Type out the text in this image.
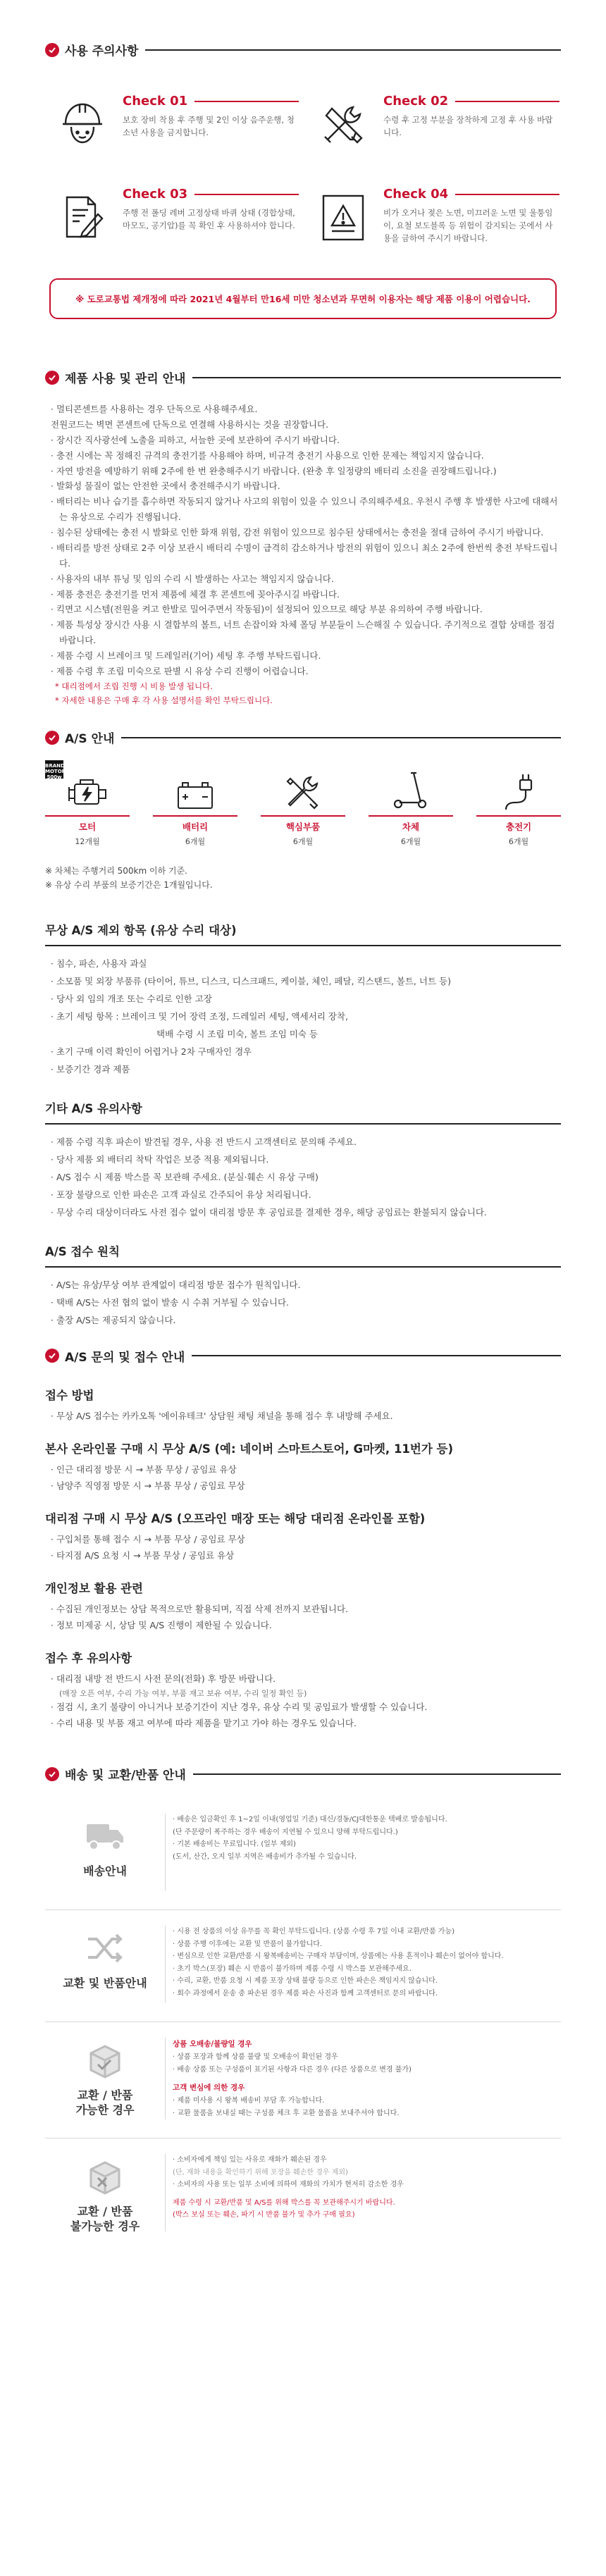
사용 주의사항
Check 01
보호 장비 착용 후 주행 및 2인 이상 음주운행, 청소년 사용을 금지합니다.
Check 02
수령 후 고정 부분을 장착하게 고정 후 사용 바랍니다.
Check 03
주행 전 폴딩 레버 고정상태 바퀴 상태 (경합상태, 마모도, 공기압)를 꼭 확인 후 사용하셔야 합니다.
Check 04
비가 오거나 젖은 노면, 미끄러운 노면 및 울퉁임이, 요철 보도블록 등 위험이 감지되는 곳에서 사용을 금하여 주시기 바랍니다.
※ 도로교통법 제개정에 따라 2021년 4월부터 만16세 미만 청소년과 무면허 이용자는 해당 제품 이용이 어렵습니다.
제품 사용 및 관리 안내
· 멀티콘센트를 사용하는 경우 단독으로 사용해주세요.
전원코드는 벽면 콘센트에 단독으로 연결해 사용하시는 것을 권장합니다.
· 장시간 직사광선에 노출을 피하고, 서늘한 곳에 보관하여 주시기 바랍니다.
· 충전 시에는 꼭 정해진 규격의 충전기를 사용해야 하며, 비규격 충전기 사용으로 인한 문제는 책임지지 않습니다.
· 자연 방전을 예방하기 위해 2주에 한 번 완충해주시기 바랍니다. (완충 후 일정량의 배터리 소진을 권장해드립니다.)
· 발화성 물질이 없는 안전한 곳에서 충전해주시기 바랍니다.
· 배터리는 비나 습기를 흡수하면 작동되지 않거나 사고의 위험이 있을 수 있으니 주의해주세요. 우천시 주행 후 발생한 사고에 대해서는 유상으로 수리가 진행됩니다.
· 침수된 상태에는 충전 시 발화로 인한 화재 위험, 감전 위험이 있으므로 침수된 상태에서는 충전을 절대 금하여 주시기 바랍니다.
· 배터리를 방전 상태로 2주 이상 보관시 배터리 수명이 급격히 감소하거나 방전의 위험이 있으니 최소 2주에 한번씩 충전 부탁드립니다.
· 사용자의 내부 튜닝 및 임의 수리 시 발생하는 사고는 책임지지 않습니다.
· 제품 충전은 충전기를 먼저 제품에 체결 후 콘센트에 꽂아주시길 바랍니다.
· 킥면고 시스템(전원을 켜고 한발로 밀어주면서 작동됨)이 설정되어 있으므로 해당 부분 유의하여 주행 바랍니다.
· 제품 특성상 장시간 사용 시 결합부의 볼트, 너트 손잡이와 차체 폴딩 부분들이 느슨해질 수 있습니다. 주기적으로 결합 상태를 점검 바랍니다.
· 제품 수령 시 브레이크 및 드레일러(기어) 세팅 후 주행 부탁드립니다.
· 제품 수령 후 조립 미숙으로 판별 시 유상 수리 진행이 어렵습니다.
* 대리점에서 조립 진행 시 비용 발생 됩니다.
* 자세한 내용은 구매 후 각 사용 설명서를 확인 부탁드립니다.
A/S 안내
BRAND MOTOR 500w
모터
12개월
배터리
6개월
핵심부품
6개월
차체
6개월
충전기
6개월

※ 차체는 주행거리 500km 이하 기준.

※ 유상 수리 부품의 보증기간은 1개월입니다.

무상 A/S 제외 항목 (유상 수리 대상)
· 침수, 파손, 사용자 과실
· 소모품 및 외장 부품류 (타이어, 튜브, 디스크, 디스크패드, 케이블, 체인, 페달, 킥스탠드, 볼트, 너트 등)
· 당사 외 임의 개조 또는 수리로 인한 고장
· 초기 세팅 항목 : 브레이크 및 기어 장력 조정, 드레일러 세팅, 액세서리 장착,
택배 수령 시 조립 미숙, 볼트 조임 미숙 등
· 초기 구매 이력 확인이 어렵거나 2차 구매자인 경우
· 보증기간 경과 제품
기타 A/S 유의사항
· 제품 수령 직후 파손이 발견될 경우, 사용 전 반드시 고객센터로 문의해 주세요.
· 당사 제품 외 배터리 착탁 작업은 보증 적용 제외됩니다.
· A/S 접수 시 제품 박스를 꼭 보관해 주세요. (분실·훼손 시 유상 구매)
· 포장 불량으로 인한 파손은 고객 과실로 간주되어 유상 처리됩니다.
· 무상 수리 대상이더라도 사전 접수 없이 대리점 방문 후 공임료를 결제한 경우, 해당 공임료는 환불되지 않습니다.
A/S 접수 원칙
· A/S는 유상/무상 여부 관계없이 대리점 방문 접수가 원칙입니다.
· 택배 A/S는 사전 협의 없이 발송 시 수취 거부될 수 있습니다.
· 출장 A/S는 제공되지 않습니다.
A/S 문의 및 접수 안내
접수 방법
· 무상 A/S 접수는 카카오톡 '에이유테크' 상담원 채팅 채널을 통해 접수 후 내방해 주세요.
본사 온라인몰 구매 시 무상 A/S (예: 네이버 스마트스토어, G마켓, 11번가 등)
· 인근 대리점 방문 시 → 부품 무상 / 공임료 유상
· 남양주 직영점 방문 시 → 부품 무상 / 공임료 무상
대리점 구매 시 무상 A/S (오프라인 매장 또는 해당 대리점 온라인몰 포함)
· 구입처를 통해 접수 시 → 부품 무상 / 공임료 무상
· 타지점 A/S 요청 시 → 부품 무상 / 공임료 유상
개인정보 활용 관련
· 수집된 개인정보는 상담 목적으로만 활용되며, 직접 삭제 전까지 보관됩니다.
· 정보 미제공 시, 상담 및 A/S 진행이 제한될 수 있습니다.
접수 후 유의사항
· 대리점 내방 전 반드시 사전 문의(전화) 후 방문 바랍니다.
(매장 오픈 여부, 수리 가능 여부, 부품 재고 보유 여부, 수리 일정 확인 등)
· 점검 시, 초기 불량이 아니거나 보증기간이 지난 경우, 유상 수리 및 공임료가 발생할 수 있습니다.
· 수리 내용 및 부품 재고 여부에 따라 제품을 맡기고 가야 하는 경우도 있습니다.
배송 및 교환/반품 안내
배송안내
· 배송은 입금확인 후 1~2일 이내(영업일 기준) 대신/경동/CJ대한통운 택배로 발송됩니다.
(단 주문량이 폭주하는 경우 배송이 지연될 수 있으니 양해 부탁드립니다.)
· 기본 배송비는 무료입니다. (일부 제외)
(도서, 산간, 오지 일부 지역은 배송비가 추가될 수 있습니다.
교환 및 반품안내
· 시용 전 상품의 이상 유무를 꼭 확인 부탁드립니다. (상품 수령 후 7일 이내 교환/반품 가능)
· 상품 주행 이후에는 교환 및 반품이 불가합니다.
· 변심으로 인한 교환/반품 시 왕복배송비는 구매자 부담이며, 상품에는 사용 흔적이나 훼손이 없어야 합니다.
· 초기 박스(포장) 훼손 시 반품이 불가하며 제품 수령 시 박스를 보관해주세요.
· 수리, 교환, 반품 요청 시 제품 포장 상태 불량 등으로 인한 파손은 책임지지 않습니다.
· 회수 과정에서 운송 중 파손된 경우 제품 파손 사진과 함께 고객센터로 문의 바랍니다.
교환 / 반품
가능한 경우
상품 오배송/불량일 경우
· 상품 포장과 함께 상품 불량 및 오배송이 확인된 경우
· 배송 상품 또는 구성품이 표기된 사항과 다른 경우 (다른 상품으로 변경 불가)
고객 변심에 의한 경우
· 제품 미사용 시 왕복 배송비 부담 후 가능합니다.
· 교환 물품을 보내실 때는 구성품 체크 후 교환 물품을 보내주셔야 합니다.
교환 / 반품
불가능한 경우
· 소비자에게 책임 있는 사유로 재화가 훼손된 경우
(단, 재화 내용을 확인하기 위해 포장을 훼손한 경우 제외)
· 소비자의 사용 또는 일부 소비에 의하여 재화의 가치가 현저히 감소한 경우
제품 수령 시 교환/반품 및 A/S를 위해 박스를 꼭 보관해주시기 바랍니다.
(박스 보실 또는 훼손, 파기 시 반품 불가 및 추가 구매 필요)
